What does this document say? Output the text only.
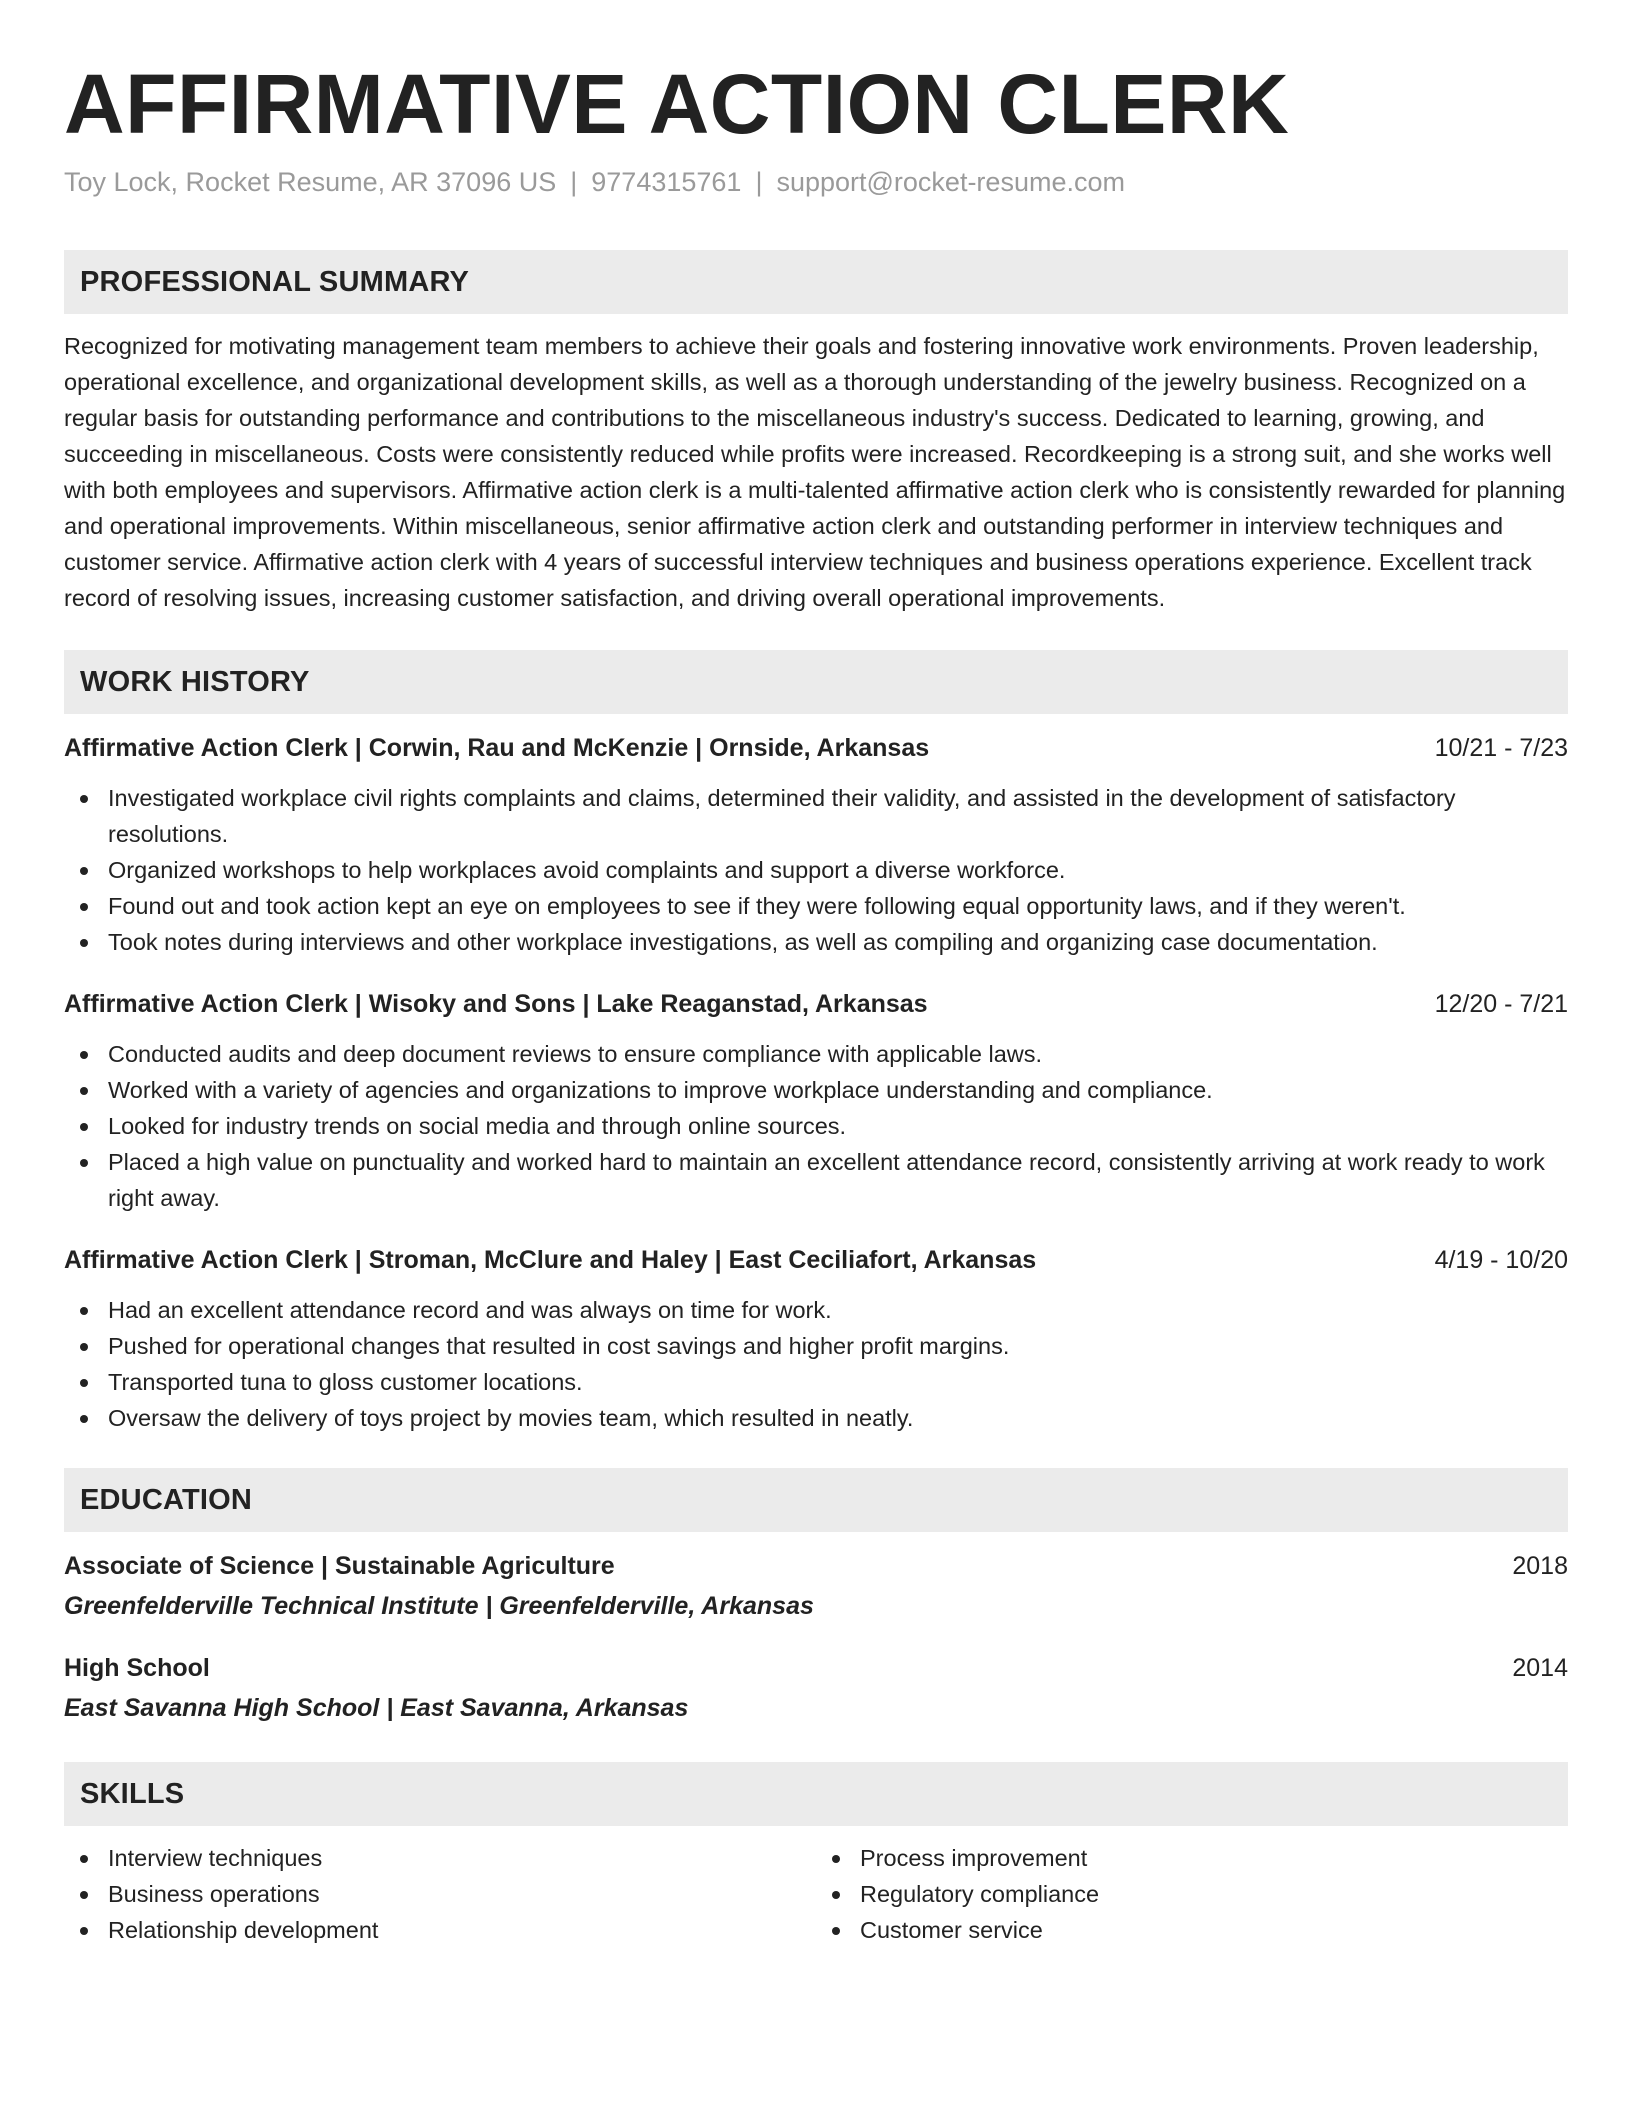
AFFIRMATIVE ACTION CLERK
Toy Lock, Rocket Resume, AR 37096 US | 9774315761 | support@rocket-resume.com
PROFESSIONAL SUMMARY
Recognized for motivating management team members to achieve their goals and fostering innovative work environments. Proven leadership, operational excellence, and organizational development skills, as well as a thorough understanding of the jewelry business. Recognized on a regular basis for outstanding performance and contributions to the miscellaneous industry's success. Dedicated to learning, growing, and succeeding in miscellaneous. Costs were consistently reduced while profits were increased. Recordkeeping is a strong suit, and she works well with both employees and supervisors. Affirmative action clerk is a multi-talented affirmative action clerk who is consistently rewarded for planning and operational improvements. Within miscellaneous, senior affirmative action clerk and outstanding performer in interview techniques and customer service. Affirmative action clerk with 4 years of successful interview techniques and business operations experience. Excellent track record of resolving issues, increasing customer satisfaction, and driving overall operational improvements.
WORK HISTORY
Affirmative Action Clerk | Corwin, Rau and McKenzie | Ornside, Arkansas	10/21 - 7/23
Investigated workplace civil rights complaints and claims, determined their validity, and assisted in the development of satisfactory resolutions.
Organized workshops to help workplaces avoid complaints and support a diverse workforce.
Found out and took action kept an eye on employees to see if they were following equal opportunity laws, and if they weren't.
Took notes during interviews and other workplace investigations, as well as compiling and organizing case documentation.
Affirmative Action Clerk | Wisoky and Sons | Lake Reaganstad, Arkansas	12/20 - 7/21
Conducted audits and deep document reviews to ensure compliance with applicable laws.
Worked with a variety of agencies and organizations to improve workplace understanding and compliance.
Looked for industry trends on social media and through online sources.
Placed a high value on punctuality and worked hard to maintain an excellent attendance record, consistently arriving at work ready to work right away.
Affirmative Action Clerk | Stroman, McClure and Haley | East Ceciliafort, Arkansas	4/19 - 10/20
Had an excellent attendance record and was always on time for work.
Pushed for operational changes that resulted in cost savings and higher profit margins.
Transported tuna to gloss customer locations.
Oversaw the delivery of toys project by movies team, which resulted in neatly.
EDUCATION
Associate of Science | Sustainable Agriculture	2018
Greenfelderville Technical Institute | Greenfelderville, Arkansas
High School	2014
East Savanna High School | East Savanna, Arkansas
SKILLS
Interview techniques
Business operations
Relationship development
Process improvement
Regulatory compliance
Customer service
